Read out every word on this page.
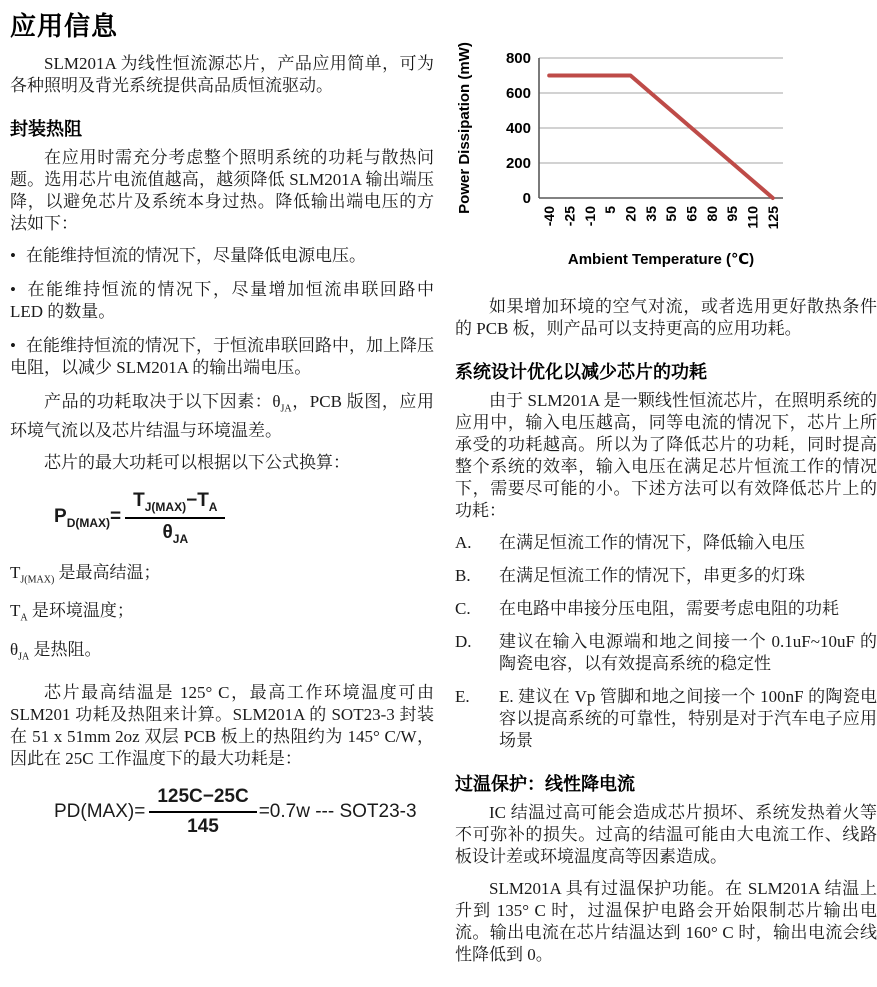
应用信息

SLM201A 为线性恒流源芯片，产品应用简单，可为各种照明及背光系统提供高品质恒流驱动。

封装热阻

在应用时需充分考虑整个照明系统的功耗与散热问题。选用芯片电流值越高，越须降低 SLM201A 输出端压降，以避免芯片及系统本身过热。降低输出端电压的方法如下：

• 在能维持恒流的情况下，尽量降低电源电压。

• 在能维持恒流的情况下，尽量增加恒流串联回路中 LED 的数量。

• 在能维持恒流的情况下，于恒流串联回路中，加上降压电阻，以减少 SLM201A 的输出端电压。

产品的功耗取决于以下因素：$\theta_{JA}$，PCB 版图，应用环境气流以及芯片结温与环境温差。

芯片的最大功耗可以根据以下公式换算：

$P_{D(MAX)}= \frac{T_{J(MAX)}-T_A}{\theta_{JA}}$

$T_{J(MAX)}$ 是最高结温；

$T_A$ 是环境温度；

$\theta_{JA}$ 是热阻。

芯片最高结温是 125° C，最高工作环境温度可由 SLM201 功耗及热阻来计算。SLM201A 的 SOT23-3 封装在 51 x 51mm 2oz 双层 PCB 板上的热阻约为 145° C/W，因此在 25C 工作温度下的最大功耗是：

$PD(MAX)= \frac{125C-25C}{145} =0.7w$ --- SOT23-3
0
200
400
600
800
-40 -25 -10 5 20 35 50 65 80 95 110 125
Power Dissipation (mW)
Ambient Temperature (℃)

如果增加环境的空气对流，或者选用更好散热条件的 PCB 板，则产品可以支持更高的应用功耗。

系统设计优化以减少芯片的功耗

由于 SLM201A 是一颗线性恒流芯片，在照明系统的应用中，输入电压越高，同等电流的情况下，芯片上所承受的功耗越高。所以为了降低芯片的功耗，同时提高整个系统的效率，输入电压在满足芯片恒流工作的情况下，需要尽可能的小。下述方法可以有效降低芯片上的功耗：

A.	在满足恒流工作的情况下，降低输入电压
B.	在满足恒流工作的情况下，串更多的灯珠
C.	在电路中串接分压电阻，需要考虑电阻的功耗
D.	建议在输入电源端和地之间接一个 0.1uF~10uF 的陶瓷电容，以有效提高系统的稳定性
E.	E. 建议在 Vp 管脚和地之间接一个 100nF 的陶瓷电容以提高系统的可靠性，特别是对于汽车电子应用场景
过温保护：线性降电流

IC 结温过高可能会造成芯片损坏、系统发热着火等不可弥补的损失。过高的结温可能由大电流工作、线路板设计差或环境温度高等因素造成。

SLM201A 具有过温保护功能。在 SLM201A 结温上升到 135° C 时，过温保护电路会开始限制芯片输出电流。输出电流在芯片结温达到 160° C 时，输出电流会线性降低到 0。
